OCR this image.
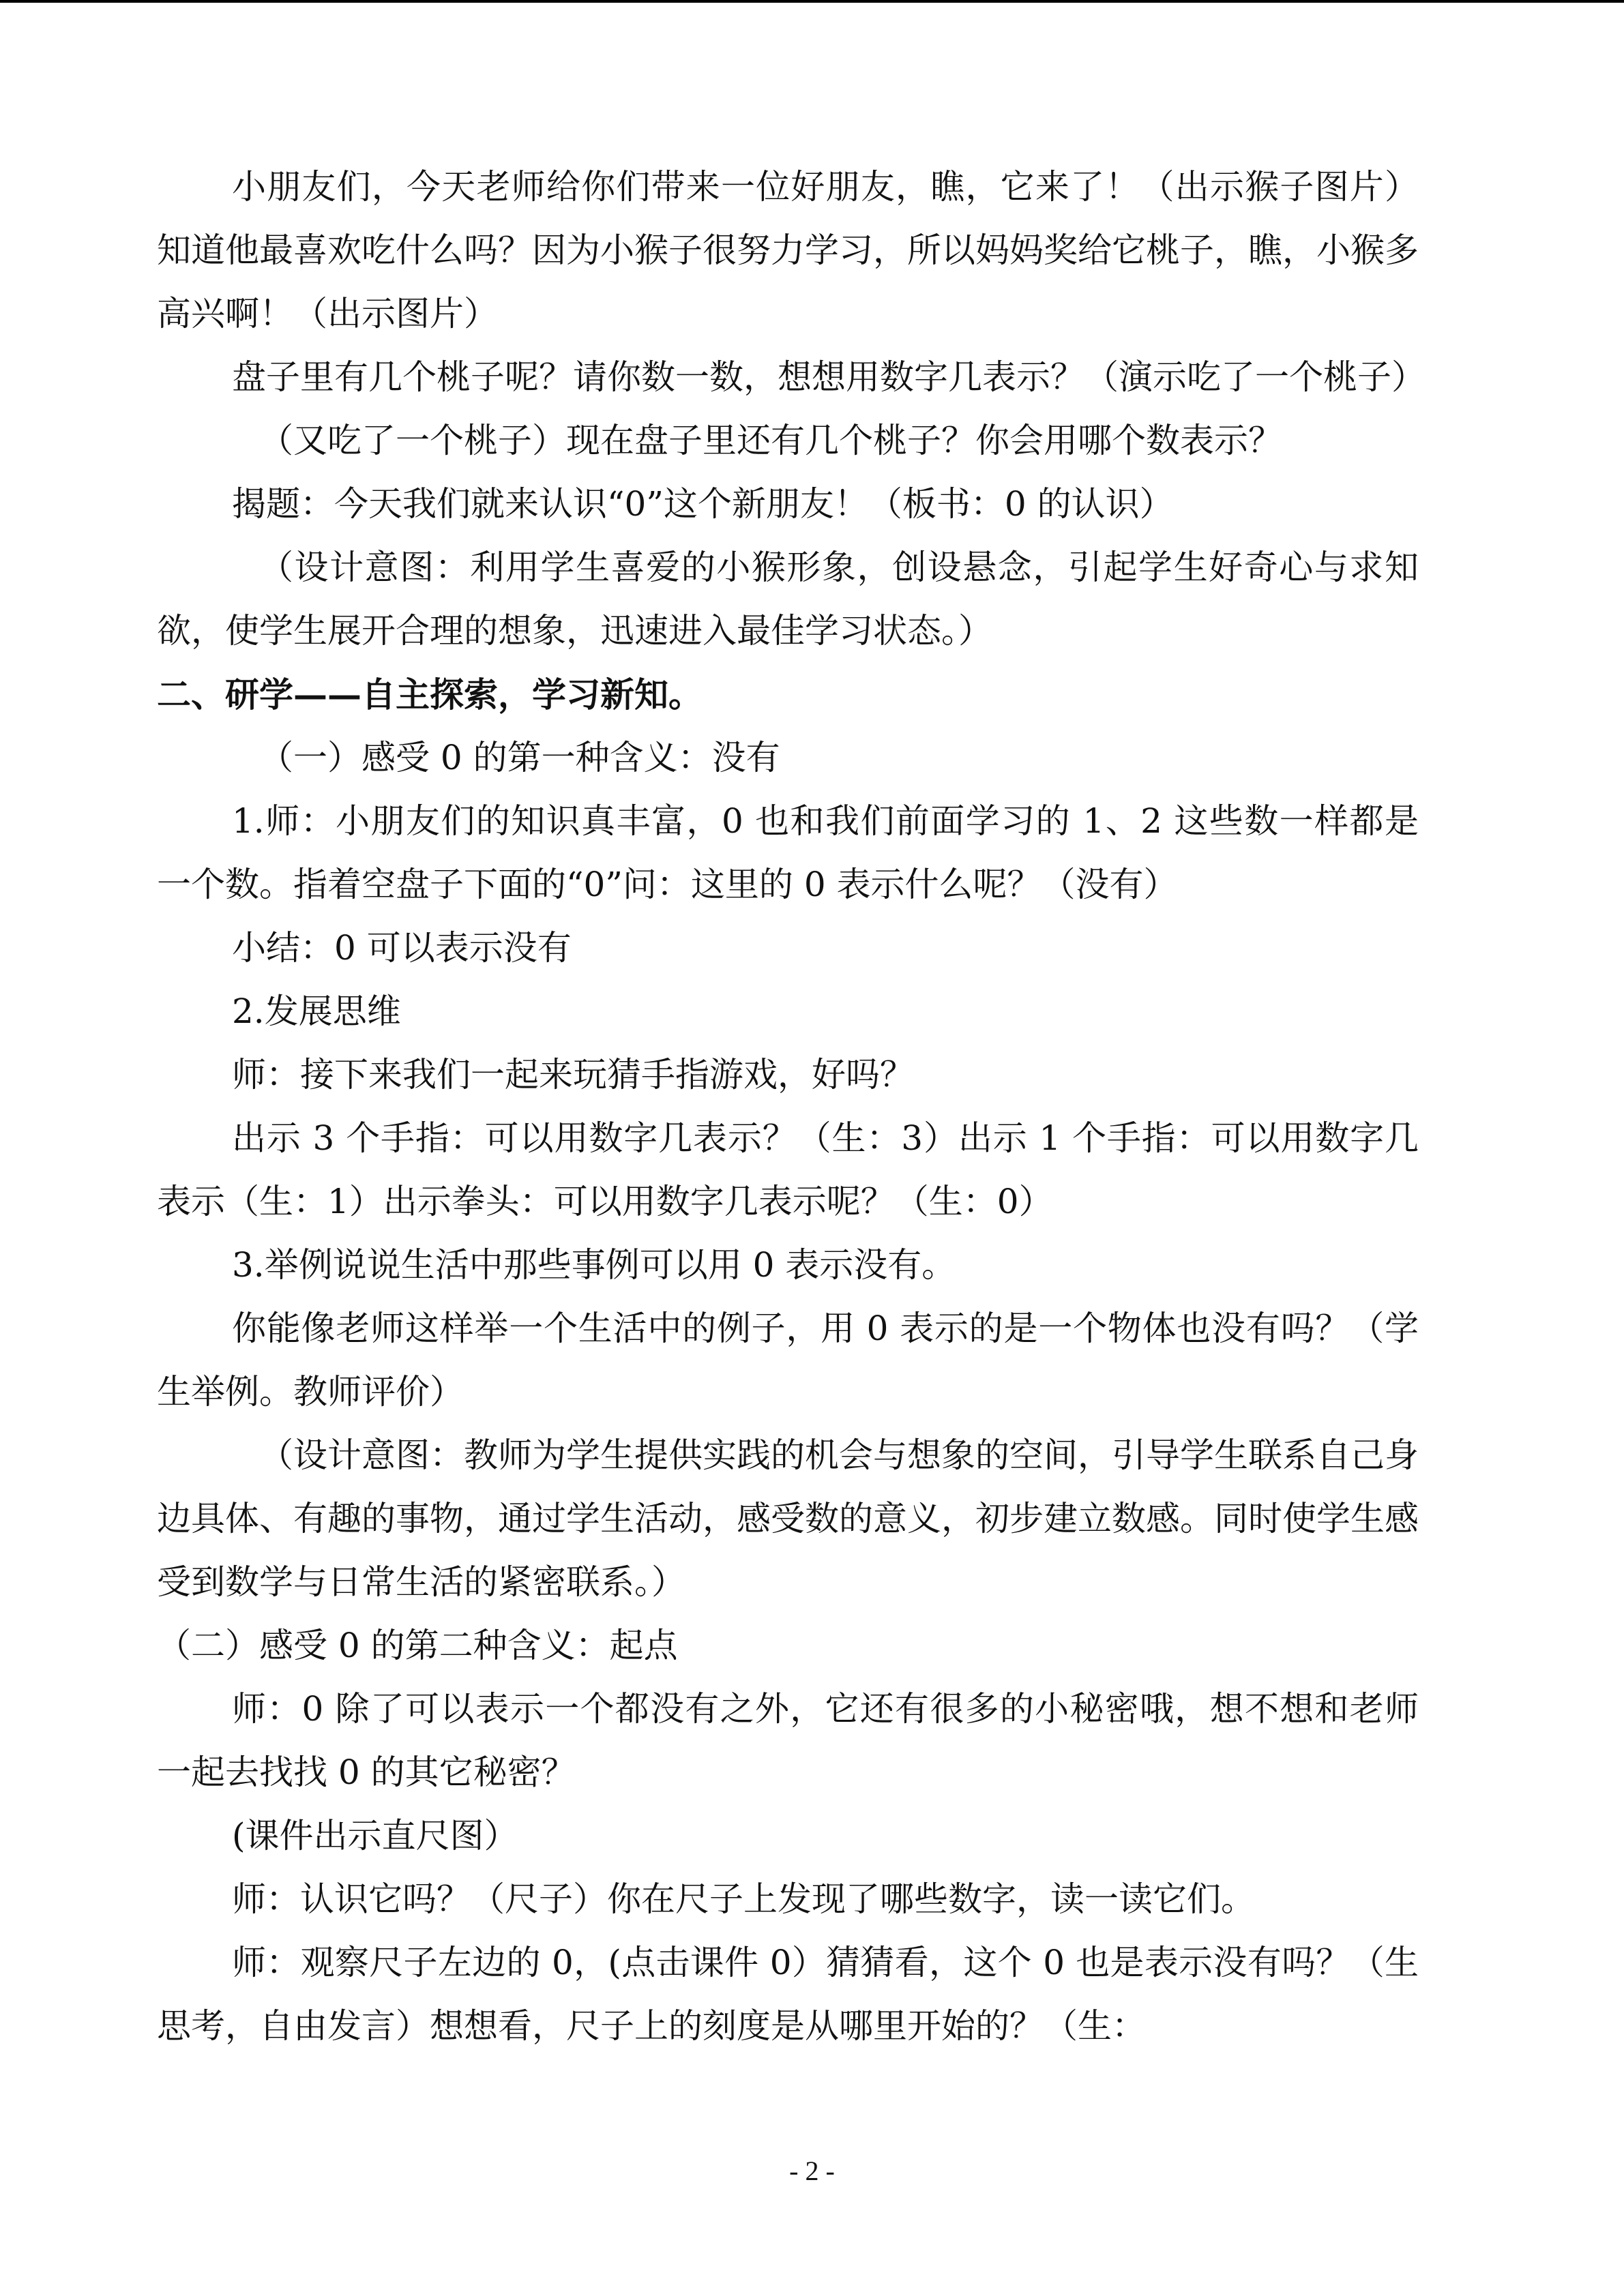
小朋友们，今天老师给你们带来一位好朋友，瞧，它来了！（出示猴子图片）知道他最喜欢吃什么吗？因为小猴子很努力学习，所以妈妈奖给它桃子，瞧，小猴多高兴啊！（出示图片）

盘子里有几个桃子呢？请你数一数，想想用数字几表示？（演示吃了一个桃子）

（又吃了一个桃子）现在盘子里还有几个桃子？你会用哪个数表示？

揭题：今天我们就来认识“0”这个新朋友！（板书：0 的认识）

（设计意图：利用学生喜爱的小猴形象，创设悬念，引起学生好奇心与求知欲，使学生展开合理的想象，迅速进入最佳学习状态。）

二、研学——自主探索，学习新知。

（一）感受 0 的第一种含义：没有

1.师：小朋友们的知识真丰富，0 也和我们前面学习的 1、2 这些数一样都是一个数。指着空盘子下面的“0”问：这里的 0 表示什么呢？（没有）

小结：0 可以表示没有

2.发展思维

师：接下来我们一起来玩猜手指游戏，好吗？

出示 3 个手指：可以用数字几表示？（生：3）出示 1 个手指：可以用数字几表示（生：1）出示拳头：可以用数字几表示呢？（生：0）

3.举例说说生活中那些事例可以用 0 表示没有。

你能像老师这样举一个生活中的例子，用 0 表示的是一个物体也没有吗？（学生举例。教师评价）

（设计意图：教师为学生提供实践的机会与想象的空间，引导学生联系自己身边具体、有趣的事物，通过学生活动，感受数的意义，初步建立数感。同时使学生感受到数学与日常生活的紧密联系。）

（二）感受 0 的第二种含义：起点

师：0 除了可以表示一个都没有之外，它还有很多的小秘密哦，想不想和老师一起去找找 0 的其它秘密？

(课件出示直尺图）

师：认识它吗？（尺子）你在尺子上发现了哪些数字，读一读它们。

师：观察尺子左边的 0，(点击课件 0）猜猜看，这个 0 也是表示没有吗？（生思考，自由发言）想想看，尺子上的刻度是从哪里开始的？（生：

- 2 -
